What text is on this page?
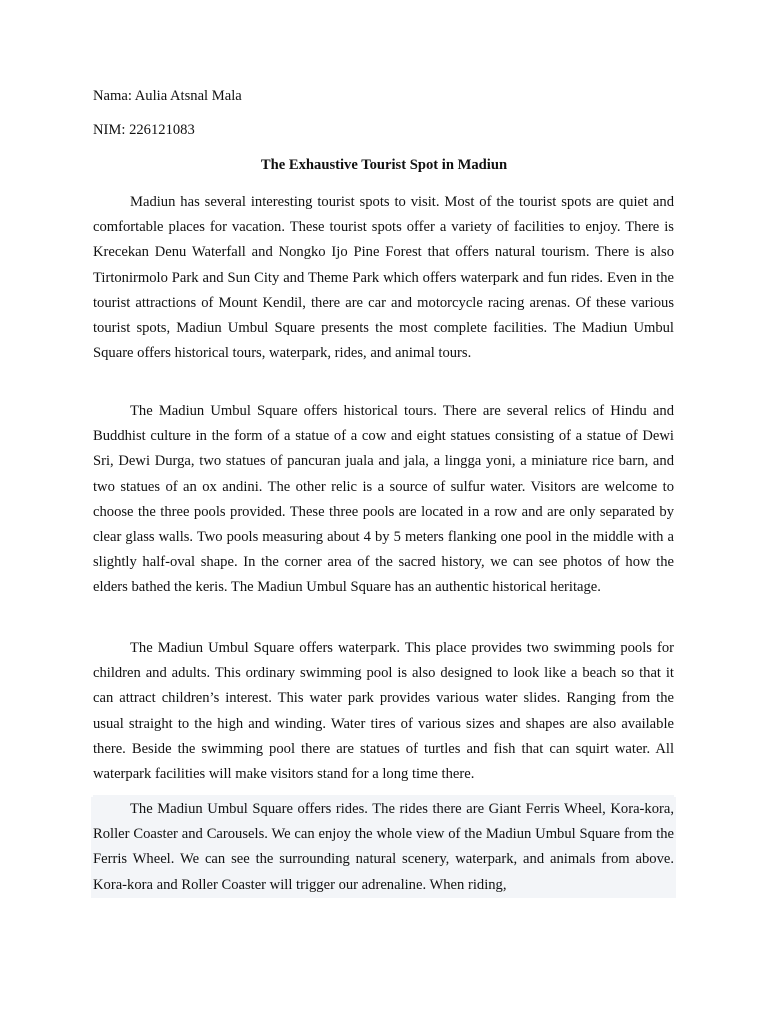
Nama: Aulia Atsnal Mala

NIM: 226121083

The Exhaustive Tourist Spot in Madiun

Madiun has several interesting tourist spots to visit. Most of the tourist spots are quiet and comfortable places for vacation. These tourist spots offer a variety of facilities to enjoy. There is Krecekan Denu Waterfall and Nongko Ijo Pine Forest that offers natural tourism. There is also Tirtonirmolo Park and Sun City and Theme Park which offers waterpark and fun rides. Even in the tourist attractions of Mount Kendil, there are car and motorcycle racing arenas. Of these various tourist spots, Madiun Umbul Square presents the most complete facilities. The Madiun Umbul Square offers historical tours, waterpark, rides, and animal tours.

The Madiun Umbul Square offers historical tours. There are several relics of Hindu and Buddhist culture in the form of a statue of a cow and eight statues consisting of a statue of Dewi Sri, Dewi Durga, two statues of pancuran juala and jala, a lingga yoni, a miniature rice barn, and two statues of an ox andini. The other relic is a source of sulfur water. Visitors are welcome to choose the three pools provided. These three pools are located in a row and are only separated by clear glass walls. Two pools measuring about 4 by 5 meters flanking one pool in the middle with a slightly half-oval shape. In the corner area of the sacred history, we can see photos of how the elders bathed the keris. The Madiun Umbul Square has an authentic historical heritage.

The Madiun Umbul Square offers waterpark. This place provides two swimming pools for children and adults. This ordinary swimming pool is also designed to look like a beach so that it can attract children’s interest. This water park provides various water slides. Ranging from the usual straight to the high and winding. Water tires of various sizes and shapes are also available there. Beside the swimming pool there are statues of turtles and fish that can squirt water. All waterpark facilities will make visitors stand for a long time there.

The Madiun Umbul Square offers rides. The rides there are Giant Ferris Wheel, Kora-kora, Roller Coaster and Carousels. We can enjoy the whole view of the Madiun Umbul Square from the Ferris Wheel. We can see the surrounding natural scenery, waterpark, and animals from above. Kora-kora and Roller Coaster will trigger our adrenaline. When riding,
